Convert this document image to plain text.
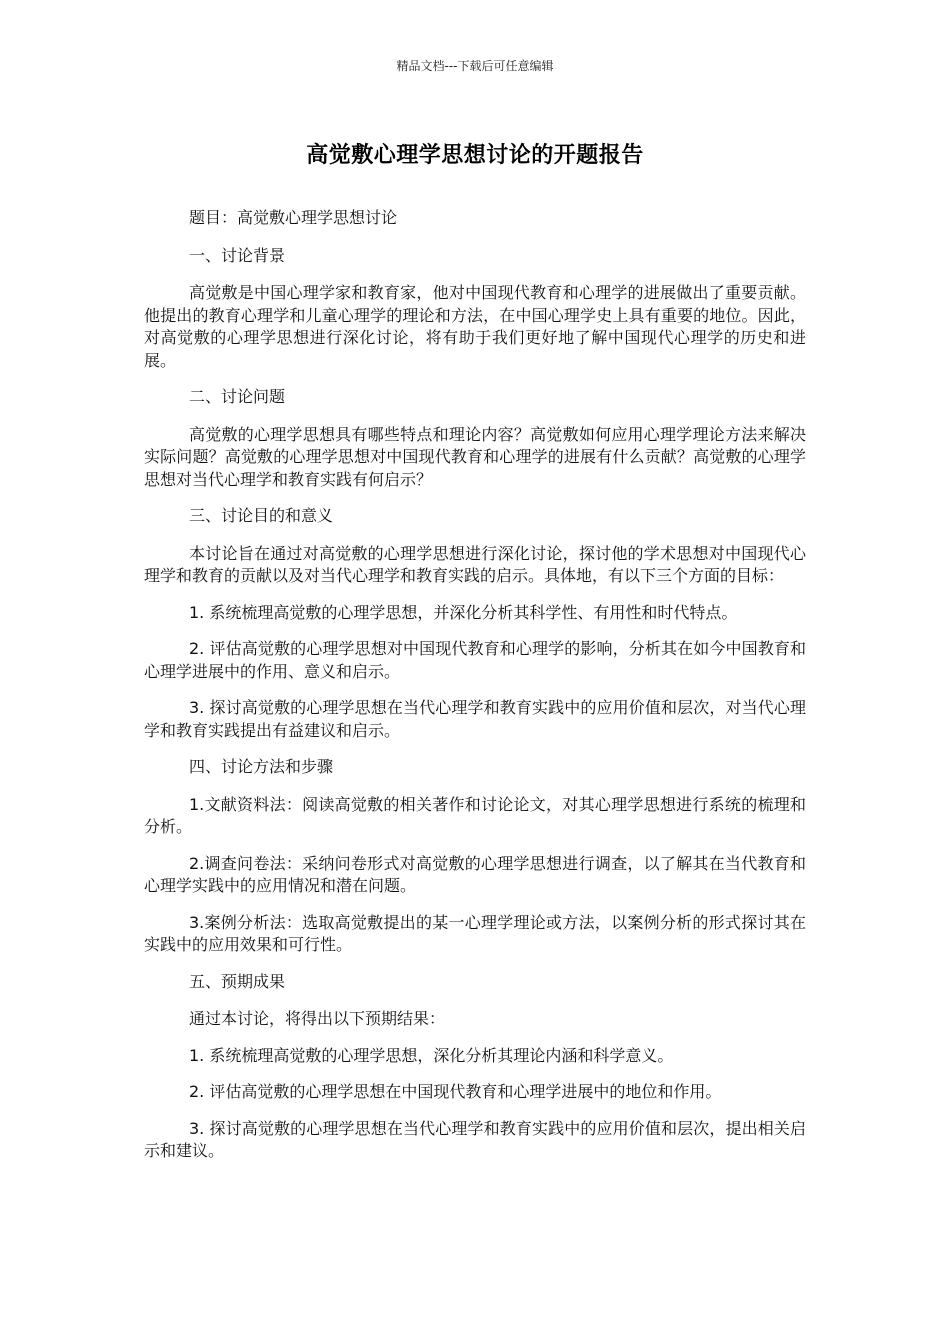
精品文档---下载后可任意编辑
高觉敷心理学思想讨论的开题报告

题目：高觉敷心理学思想讨论

一、讨论背景

高觉敷是中国心理学家和教育家，他对中国现代教育和心理学的进展做出了重要贡献。他提出的教育心理学和儿童心理学的理论和方法，在中国心理学史上具有重要的地位。因此，对高觉敷的心理学思想进行深化讨论，将有助于我们更好地了解中国现代心理学的历史和进展。

二、讨论问题

高觉敷的心理学思想具有哪些特点和理论内容？高觉敷如何应用心理学理论方法来解决实际问题？高觉敷的心理学思想对中国现代教育和心理学的进展有什么贡献？高觉敷的心理学思想对当代心理学和教育实践有何启示？

三、讨论目的和意义

本讨论旨在通过对高觉敷的心理学思想进行深化讨论，探讨他的学术思想对中国现代心理学和教育的贡献以及对当代心理学和教育实践的启示。具体地，有以下三个方面的目标：

1. 系统梳理高觉敷的心理学思想，并深化分析其科学性、有用性和时代特点。

2. 评估高觉敷的心理学思想对中国现代教育和心理学的影响，分析其在如今中国教育和心理学进展中的作用、意义和启示。

3. 探讨高觉敷的心理学思想在当代心理学和教育实践中的应用价值和层次，对当代心理学和教育实践提出有益建议和启示。

四、讨论方法和步骤

1.文献资料法：阅读高觉敷的相关著作和讨论论文，对其心理学思想进行系统的梳理和分析。

2.调查问卷法：采纳问卷形式对高觉敷的心理学思想进行调查，以了解其在当代教育和心理学实践中的应用情况和潜在问题。

3.案例分析法：选取高觉敷提出的某一心理学理论或方法，以案例分析的形式探讨其在实践中的应用效果和可行性。

五、预期成果

通过本讨论，将得出以下预期结果：

1. 系统梳理高觉敷的心理学思想，深化分析其理论内涵和科学意义。

2. 评估高觉敷的心理学思想在中国现代教育和心理学进展中的地位和作用。

3. 探讨高觉敷的心理学思想在当代心理学和教育实践中的应用价值和层次，提出相关启示和建议。
